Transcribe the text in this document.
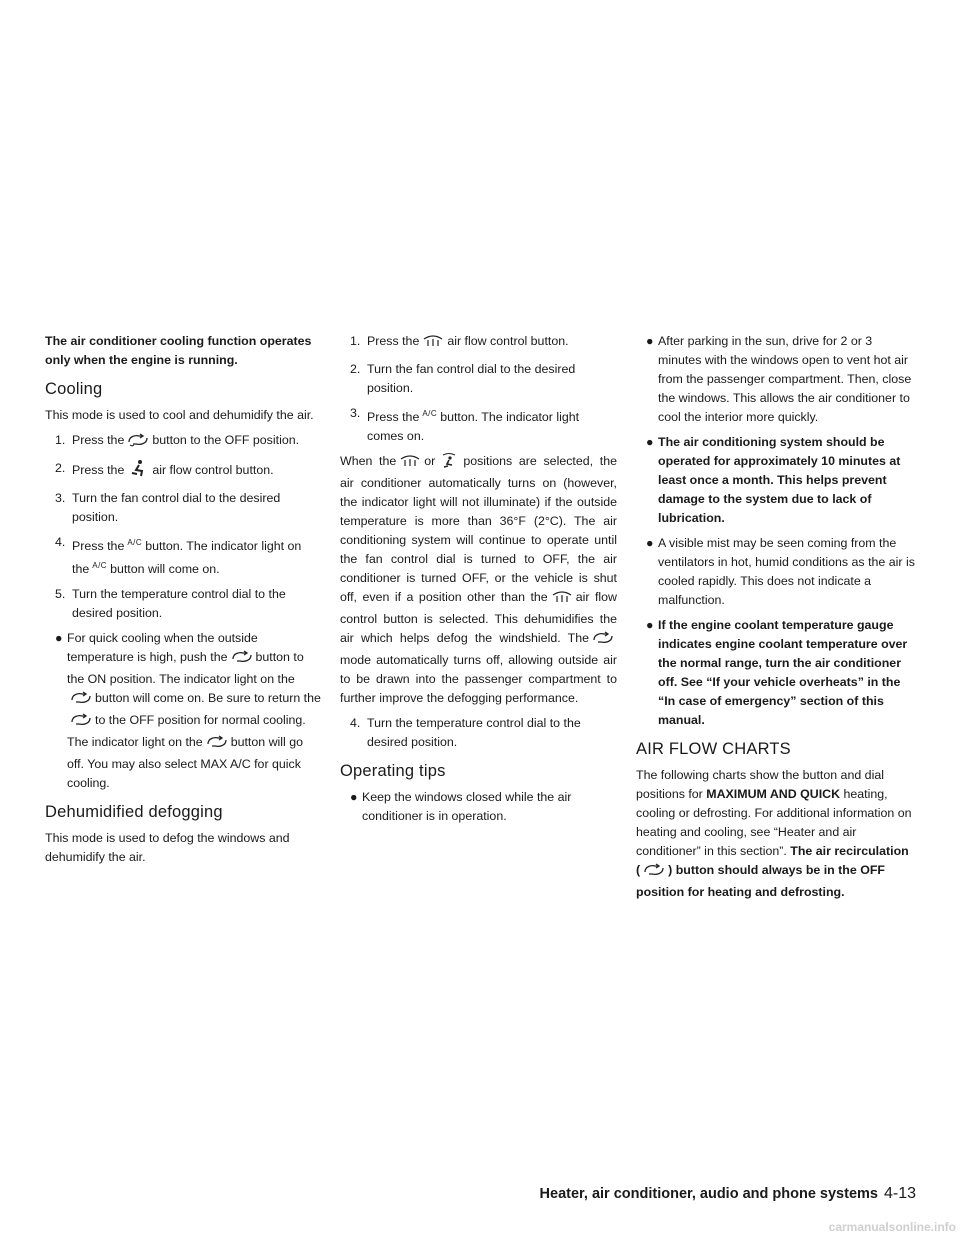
The air conditioner cooling function operates only when the engine is running.

Cooling

This mode is used to cool and dehumidify the air.

1. Press the button to the OFF position.
2. Press the air flow control button.
3. Turn the fan control dial to the desired position.
4. Press the $^{A/C}$ button. The indicator light on the $^{A/C}$ button will come on.
5. Turn the temperature control dial to the desired position.
● For quick cooling when the outside temperature is high, push the button to the ON position. The indicator light on thebutton will come on. Be sure to return theto the OFF position for normal cooling. The indicator light on the button will go off. You may also select MAX A/C for quick cooling.
Dehumidified defogging

This mode is used to defog the windows and dehumidify the air.

1. Press the air flow control button.
2. Turn the fan control dial to the desired position.
3. Press the $^{A/C}$ button. The indicator light comes on.

When the or positions are selected, the air conditioner automatically turns on (however, the indicator light will not illuminate) if the outside temperature is more than 36°F (2°C). The air conditioning system will continue to operate until the fan control dial is turned to OFF, the air conditioner is turned OFF, or the vehicle is shut off, even if a position other than the air flow control button is selected. This dehumidifies the air which helps defog the windshield. Themode automatically turns off, allowing outside air to be drawn into the passenger compartment to further improve the defogging performance.

4. Turn the temperature control dial to the desired position.
Operating tips
● Keep the windows closed while the air conditioner is in operation.
● After parking in the sun, drive for 2 or 3 minutes with the windows open to vent hot air from the passenger compartment. Then, close the windows. This allows the air conditioner to cool the interior more quickly.
● The air conditioning system should be operated for approximately 10 minutes at least once a month. This helps prevent damage to the system due to lack of lubrication.
● A visible mist may be seen coming from the ventilators in hot, humid conditions as the air is cooled rapidly. This does not indicate a malfunction.
● If the engine coolant temperature gauge indicates engine coolant temperature over the normal range, turn the air conditioner off. See “If your vehicle overheats” in the “In case of emergency” section of this manual.
AIR FLOW CHARTS

The following charts show the button and dial positions for MAXIMUM AND QUICK heating, cooling or defrosting. For additional information on heating and cooling, see “Heater and air conditioner” in this section”. The air recirculation ( ) button should always be in the OFF position for heating and defrosting.

Heater, air conditioner, audio and phone systems 4-13
carmanualsonline.info
